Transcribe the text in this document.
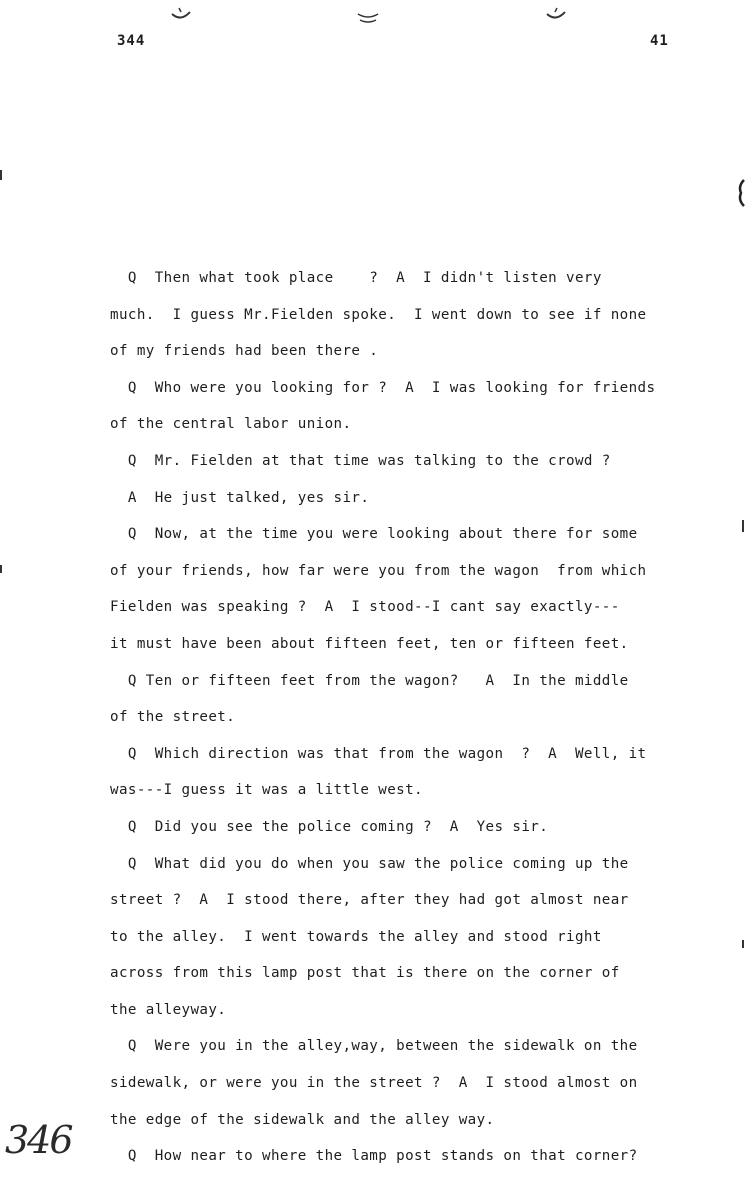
344	41
Q  Then what took place    ?  A  I didn't listen very
much.  I guess Mr.Fielden spoke.  I went down to see if none
of my friends had been there .
Q  Who were you looking for ?  A  I was looking for friends
of the central labor union.
Q  Mr. Fielden at that time was talking to the crowd ?
A  He just talked, yes sir.
Q  Now, at the time you were looking about there for some
of your friends, how far were you from the wagon  from which
Fielden was speaking ?  A  I stood--I cant say exactly---
it must have been about fifteen feet, ten or fifteen feet.
Q Ten or fifteen feet from the wagon?   A  In the middle
of the street.
Q  Which direction was that from the wagon  ?  A  Well, it
was---I guess it was a little west.
Q  Did you see the police coming ?  A  Yes sir.
Q  What did you do when you saw the police coming up the
street ?  A  I stood there, after they had got almost near
to the alley.  I went towards the alley and stood right
across from this lamp post that is there on the corner of
the alleyway.
Q  Were you in the alley,way, between the sidewalk on the
sidewalk, or were you in the street ?  A  I stood almost on
the edge of the sidewalk and the alley way.
Q  How near to where the lamp post stands on that corner?
346
